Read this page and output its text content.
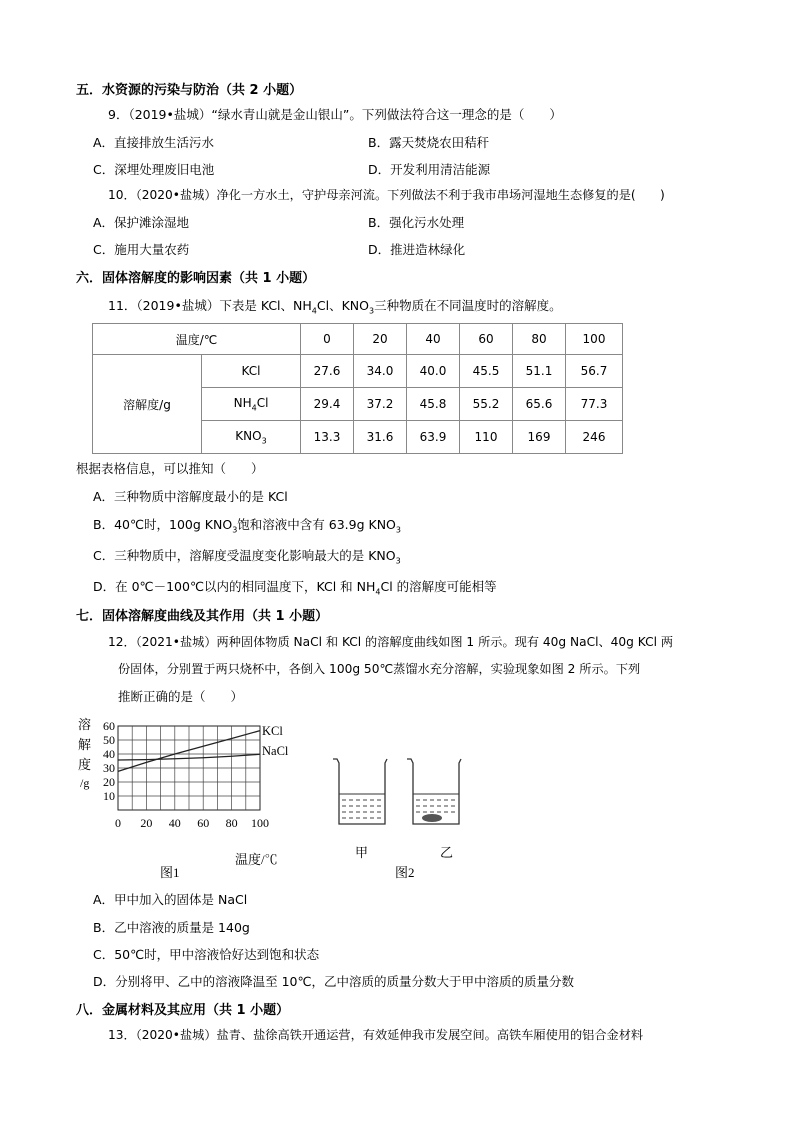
五．水资源的污染与防治（共 2 小题）
9．（2019•盐城）“绿水青山就是金山银山”。下列做法符合这一理念的是（　　）
A．直接排放生活污水	B．露天焚烧农田秸秆
C．深埋处理废旧电池	D．开发利用清洁能源
10．（2020•盐城）净化一方水土，守护母亲河流。下列做法不利于我市串场河湿地生态修复的是(　　)
A．保护滩涂湿地	B．强化污水处理
C．施用大量农药	D．推进造林绿化
六．固体溶解度的影响因素（共 1 小题）
11．（2019•盐城）下表是 KCl、$NH_4Cl$、$KNO_3$三种物质在不同温度时的溶解度。
温度/℃		0	20	40	60	80	100
溶解度/g	KCl	27.6	34.0	40.0	45.5	51.1	56.7
	$NH_4Cl$	29.4	37.2	45.8	55.2	65.6	77.3
	$KNO_3$	13.3	31.6	63.9	110	169	246
根据表格信息，可以推知（　　）
A．三种物质中溶解度最小的是 KCl
B．40℃时，100g $KNO_3$饱和溶液中含有 63.9g $KNO_3$
C．三种物质中，溶解度受温度变化影响最大的是 $KNO_3$
D．在 0℃－100℃以内的相同温度下，KCl 和 $NH_4Cl$ 的溶解度可能相等
七．固体溶解度曲线及其作用（共 1 小题）
12．（2021•盐城）两种固体物质 NaCl 和 KCl 的溶解度曲线如图 1 所示。现有 40g NaCl、40g KCl 两
份固体，分别置于两只烧杯中，各倒入 100g 50℃蒸馏水充分溶解，实验现象如图 2 所示。下列
推断正确的是（　　）
60
50
40
30
20
10
0 20 40 60 80 100
溶
解
度
/g
温度/℃
KCl
NaCl
图1
甲	乙
图2
A．甲中加入的固体是 NaCl
B．乙中溶液的质量是 140g
C．50℃时，甲中溶液恰好达到饱和状态
D．分别将甲、乙中的溶液降温至 10℃，乙中溶质的质量分数大于甲中溶质的质量分数
八．金属材料及其应用（共 1 小题）
13．（2020•盐城）盐青、盐徐高铁开通运营，有效延伸我市发展空间。高铁车厢使用的铝合金材料
